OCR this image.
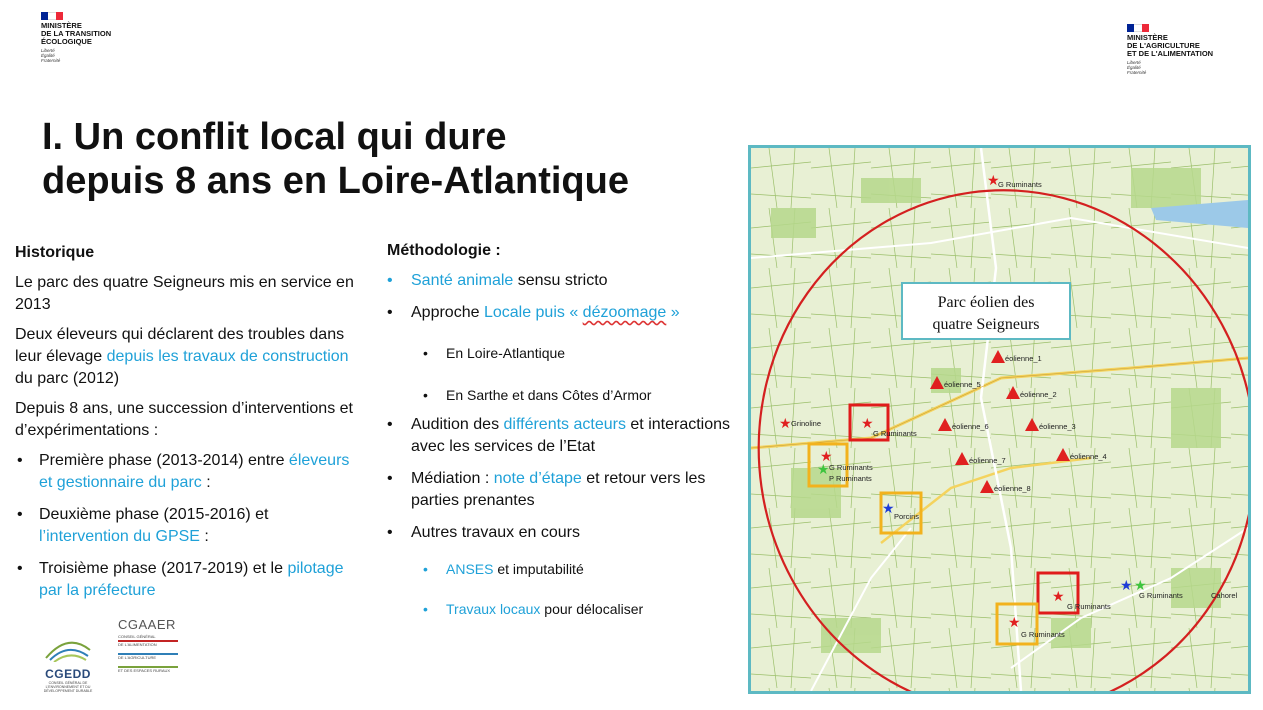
MINISTÈRE
DE LA TRANSITION
ÉCOLOGIQUE
Liberté
Égalité
Fraternité
MINISTÈRE
DE L'AGRICULTURE
ET DE L'ALIMENTATION
Liberté
Égalité
Fraternité
I. Un conflit local qui dure
depuis 8 ans en Loire-Atlantique
Historique
Le parc des quatre Seigneurs mis en service en 2013
Deux éleveurs qui déclarent des troubles dans leur élevage depuis les travaux de construction du parc (2012)
Depuis 8 ans, une succession d’interventions et d’expérimentations :
• Première phase (2013-2014) entre éleveurs et gestionnaire du parc :
• Deuxième phase (2015-2016) et l’intervention du GPSE :
• Troisième phase (2017-2019) et le pilotage par la préfecture
Méthodologie :
• Santé animale sensu stricto
• Approche Locale puis « dézoomage »
• En Loire-Atlantique
• En Sarthe et dans Côtes d’Armor
• Audition des différents acteurs et interactions avec les services de l’Etat
• Médiation : note d’étape et retour vers les parties prenantes
• Autres travaux en cours
• ANSES et imputabilité
• Travaux locaux pour délocaliser
CGEDD
CONSEIL GÉNÉRAL DE
L'ENVIRONNEMENT ET DU
DÉVELOPPEMENT DURABLE
CGAAER
CONSEIL GÉNÉRAL
DE L'ALIMENTATION
DE L'AGRICULTURE
ET DES ESPACES RURAUX
Parc éolien des
quatre Seigneurs
éolienne_1
éolienne_5
éolienne_2
éolienne_6	éolienne_3
éolienne_7	éolienne_4
éolienne_8
★
★	★
★
★
★
★
★
★ ★
G Ruminants
G Ruminants
G Ruminants
P Ruminants
Porcins
G Ruminants
G Ruminants
G Ruminants	Cahorel
Grinoline
